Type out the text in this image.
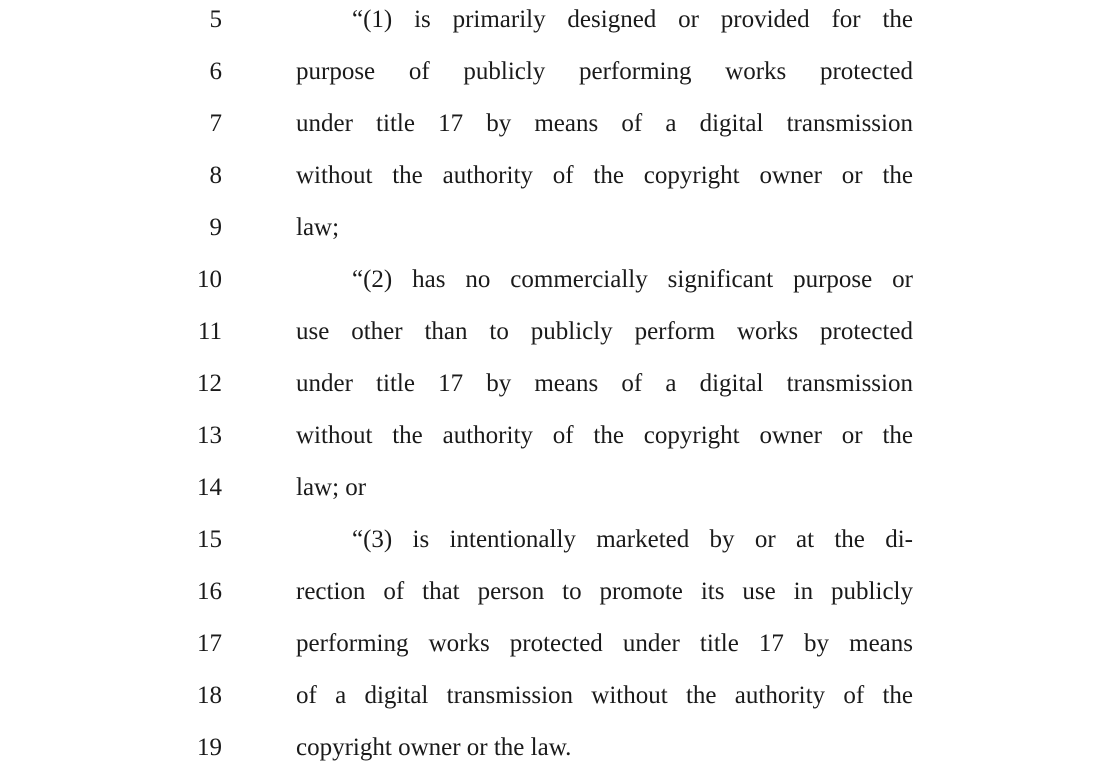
5	“(1) is primarily designed or provided for the
6	purpose of publicly performing works protected
7	under title 17 by means of a digital transmission
8	without the authority of the copyright owner or the
9	law;
10	“(2) has no commercially significant purpose or
11	use other than to publicly perform works protected
12	under title 17 by means of a digital transmission
13	without the authority of the copyright owner or the
14	law; or
15	“(3) is intentionally marketed by or at the di-
16	rection of that person to promote its use in publicly
17	performing works protected under title 17 by means
18	of a digital transmission without the authority of the
19	copyright owner or the law.
